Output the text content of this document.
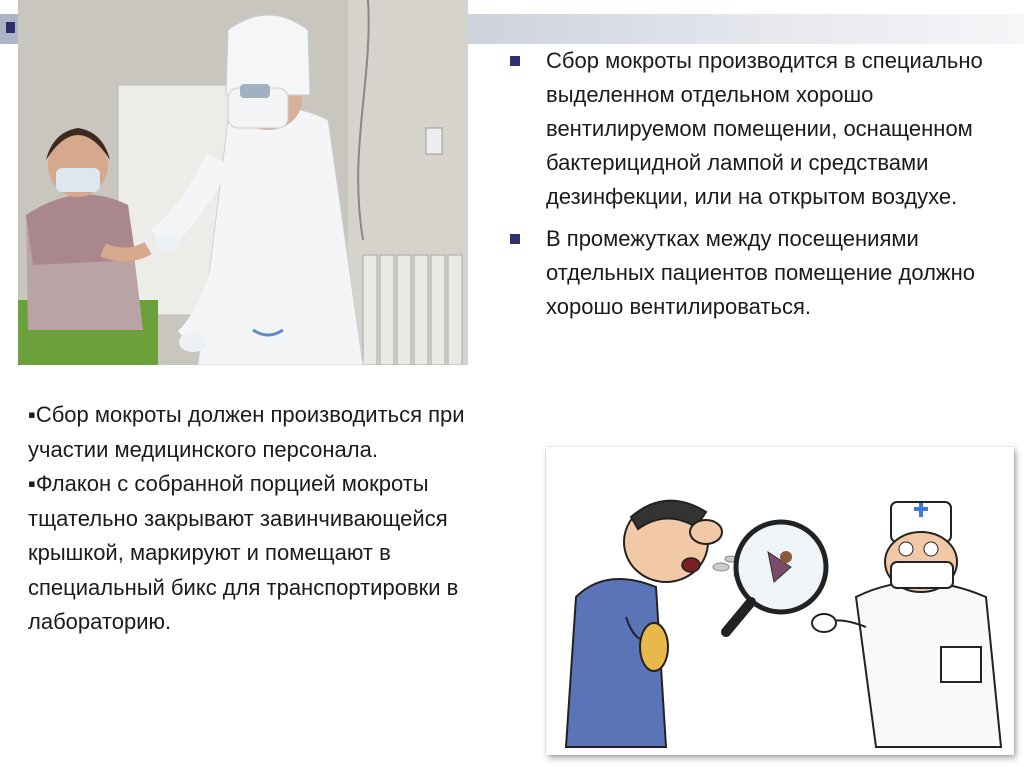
Сбор мокроты производится в специально выделенном отдельном хорошо вентилируемом помещении, оснащенном бактерицидной лампой и средствами дезинфекции, или на открытом воздухе.
В промежутках между посещениями отдельных пациентов помещение должно хорошо вентилироваться.
▪Сбор мокроты должен производиться при участии медицинского персонала.
▪Флакон с собранной порцией мокроты тщательно закрывают завинчивающейся крышкой, маркируют и помещают в специальный бикс для транспортировки в лабораторию.
